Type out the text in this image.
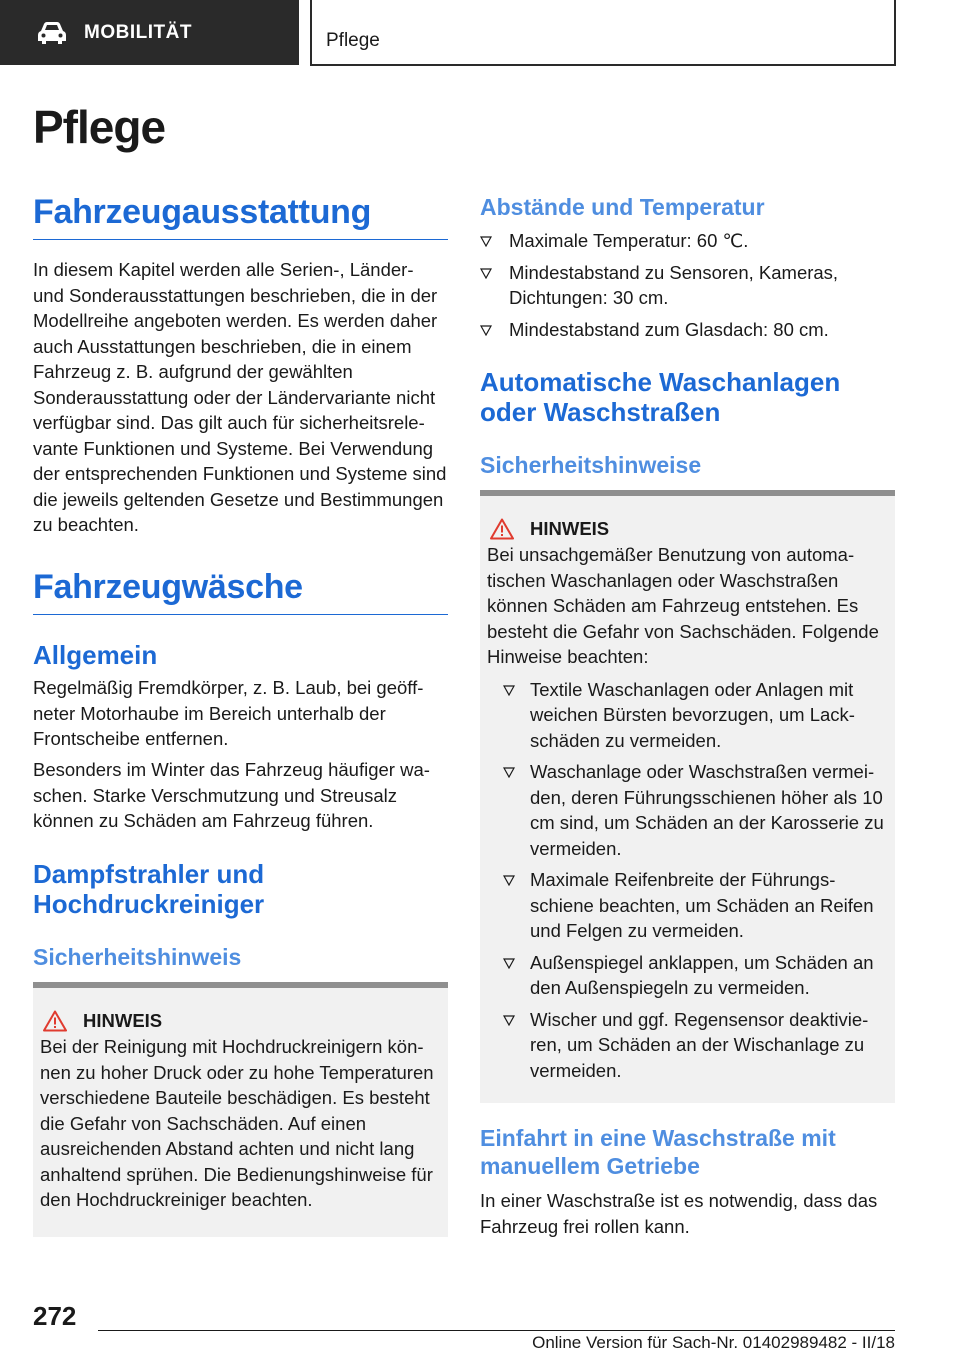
MOBILITÄT	Pflege
Pflege
Fahrzeugausstattung
In diesem Kapitel werden alle Serien-, Länder- und Sonderausstattungen beschrieben, die in der Modellreihe angeboten werden. Es werden daher auch Ausstattungen beschrieben, die in einem Fahrzeug z. B. aufgrund der gewählten Sonderausstattung oder der Ländervariante nicht verfügbar sind. Das gilt auch für sicherheitsrelevante Funktionen und Systeme. Bei Verwendung der entsprechenden Funktionen und Systeme sind die jeweils geltenden Gesetze und Bestimmungen zu beachten.
Fahrzeugwäsche
Allgemein
Regelmäßig Fremdkörper, z. B. Laub, bei geöffneter Motorhaube im Bereich unterhalb der Frontscheibe entfernen.
Besonders im Winter das Fahrzeug häufiger waschen. Starke Verschmutzung und Streusalz können zu Schäden am Fahrzeug führen.
Dampfstrahler und Hochdruckreiniger
Sicherheitshinweis
HINWEIS
Bei der Reinigung mit Hochdruckreinigern können zu hoher Druck oder zu hohe Temperaturen verschiedene Bauteile beschädigen. Es besteht die Gefahr von Sachschäden. Auf einen ausreichenden Abstand achten und nicht lang anhaltend sprühen. Die Bedienungshinweise für den Hochdruckreiniger beachten.
Abstände und Temperatur
Maximale Temperatur: 60 ℃.
Mindestabstand zu Sensoren, Kameras, Dichtungen: 30 cm.
Mindestabstand zum Glasdach: 80 cm.
Automatische Waschanlagen oder Waschstraßen
Sicherheitshinweise
HINWEIS
Bei unsachgemäßer Benutzung von automatischen Waschanlagen oder Waschstraßen können Schäden am Fahrzeug entstehen. Es besteht die Gefahr von Sachschäden. Folgende Hinweise beachten:
Textile Waschanlagen oder Anlagen mit weichen Bürsten bevorzugen, um Lackschäden zu vermeiden.
Waschanlage oder Waschstraßen vermeiden, deren Führungsschienen höher als 10 cm sind, um Schäden an der Karosserie zu vermeiden.
Maximale Reifenbreite der Führungsschiene beachten, um Schäden an Reifen und Felgen zu vermeiden.
Außenspiegel anklappen, um Schäden an den Außenspiegeln zu vermeiden.
Wischer und ggf. Regensensor deaktivieren, um Schäden an der Wischanlage zu vermeiden.
Einfahrt in eine Waschstraße mit manuellem Getriebe
In einer Waschstraße ist es notwendig, dass das Fahrzeug frei rollen kann.
272
Online Version für Sach-Nr. 01402989482 - II/18
